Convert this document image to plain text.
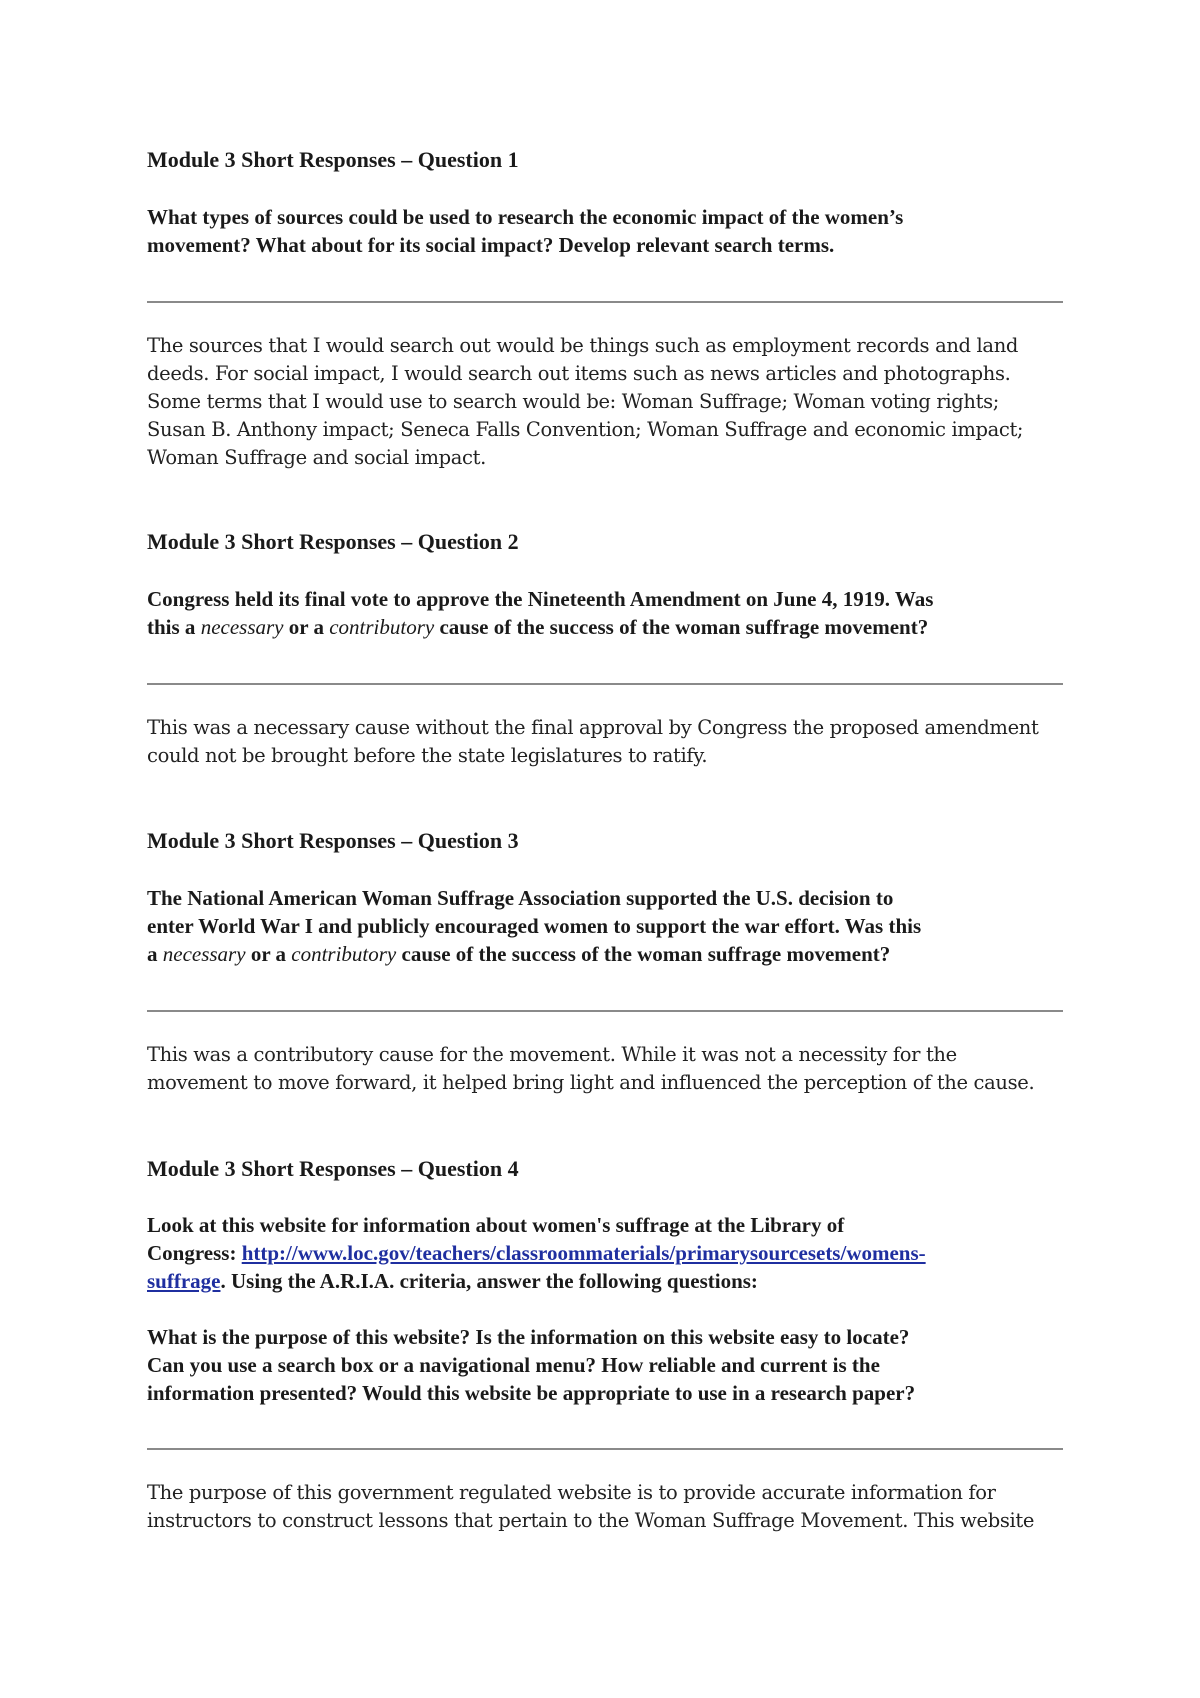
Module 3 Short Responses – Question 1
What types of sources could be used to research the economic impact of the women’s
movement? What about for its social impact? Develop relevant search terms.
The sources that I would search out would be things such as employment records and land
deeds. For social impact, I would search out items such as news articles and photographs.
Some terms that I would use to search would be: Woman Suffrage; Woman voting rights;
Susan B. Anthony impact; Seneca Falls Convention; Woman Suffrage and economic impact;
Woman Suffrage and social impact.
Module 3 Short Responses – Question 2
Congress held its final vote to approve the Nineteenth Amendment on June 4, 1919. Was
this a necessary or a contributory cause of the success of the woman suffrage movement?
This was a necessary cause without the final approval by Congress the proposed amendment
could not be brought before the state legislatures to ratify.
Module 3 Short Responses – Question 3
The National American Woman Suffrage Association supported the U.S. decision to
enter World War I and publicly encouraged women to support the war effort. Was this
a necessary or a contributory cause of the success of the woman suffrage movement?
This was a contributory cause for the movement. While it was not a necessity for the
movement to move forward, it helped bring light and influenced the perception of the cause.
Module 3 Short Responses – Question 4
Look at this website for information about women's suffrage at the Library of
Congress: http://www.loc.gov/teachers/classroommaterials/primarysourcesets/womens-
suffrage. Using the A.R.I.A. criteria, answer the following questions:
What is the purpose of this website? Is the information on this website easy to locate?
Can you use a search box or a navigational menu? How reliable and current is the
information presented? Would this website be appropriate to use in a research paper?
The purpose of this government regulated website is to provide accurate information for
instructors to construct lessons that pertain to the Woman Suffrage Movement. This website
